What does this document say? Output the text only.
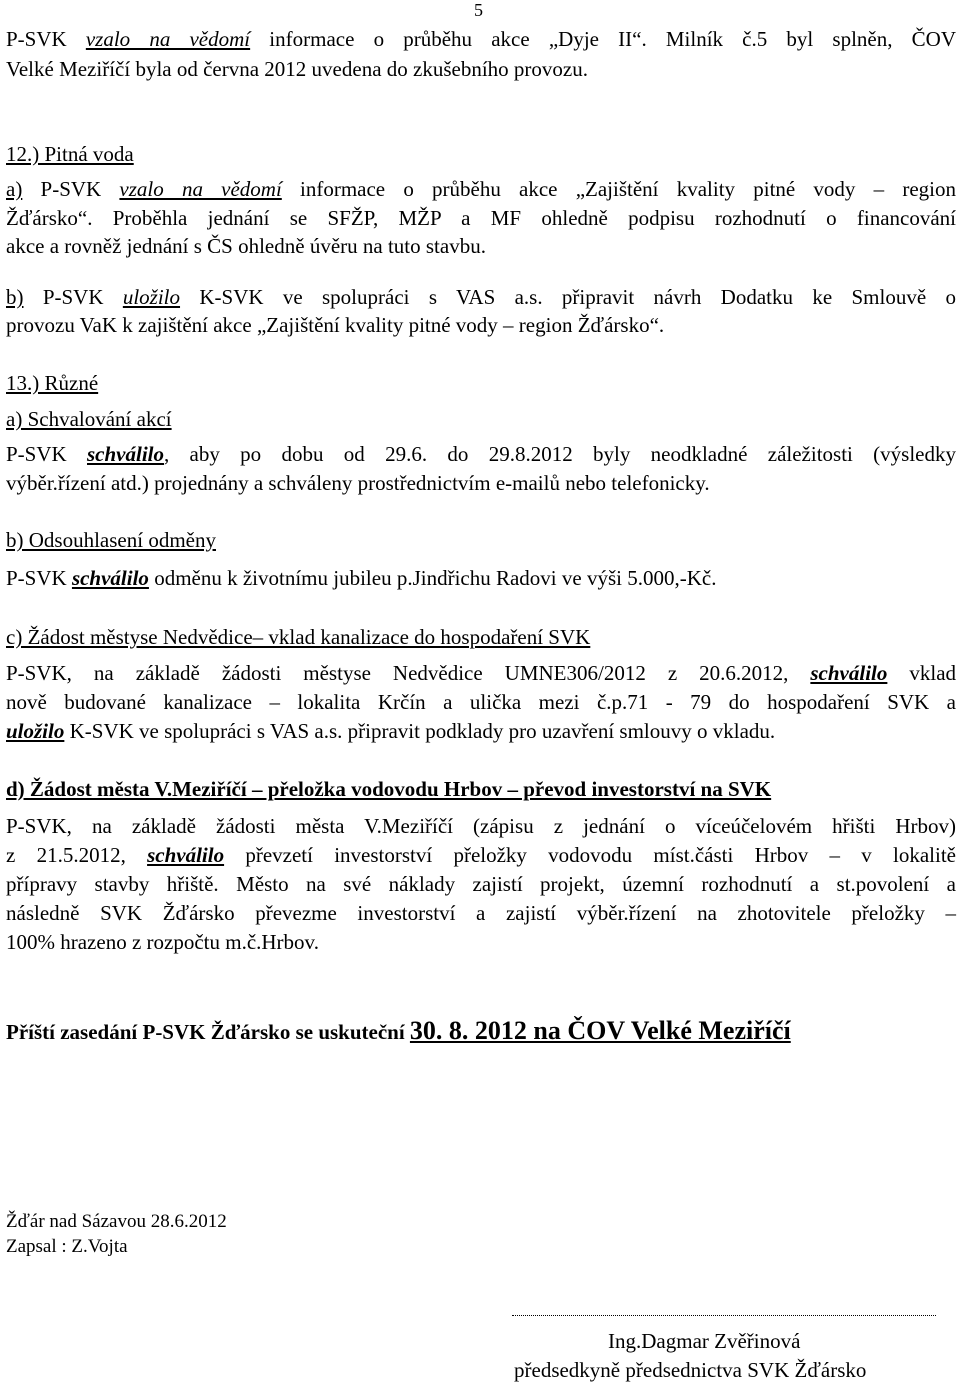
5
P-SVK vzalo na vědomí informace o průběhu akce „Dyje II“. Milník č.5 byl splněn, ČOV
Velké Meziříčí byla od června 2012 uvedena do zkušebního provozu.
12.) Pitná voda
a) P-SVK vzalo na vědomí informace o průběhu akce „Zajištění kvality pitné vody – region
Žďársko“. Proběhla jednání se SFŽP, MŽP a MF ohledně podpisu rozhodnutí o financování
akce a rovněž jednání s ČS ohledně úvěru na tuto stavbu.
b) P-SVK uložilo K-SVK ve spolupráci s VAS a.s. připravit návrh Dodatku ke Smlouvě o
provozu VaK k zajištění akce „Zajištění kvality pitné vody – region Žďársko“.
13.) Různé
a) Schvalování akcí
P-SVK schválilo, aby po dobu od 29.6. do 29.8.2012 byly neodkladné záležitosti (výsledky
výběr.řízení atd.) projednány a schváleny prostřednictvím e-mailů nebo telefonicky.
b) Odsouhlasení odměny
P-SVK schválilo odměnu k životnímu jubileu p.Jindřichu Radovi ve výši 5.000,-Kč.
c) Žádost městyse Nedvědice– vklad kanalizace do hospodaření SVK
P-SVK, na základě žádosti městyse Nedvědice UMNE306/2012 z 20.6.2012, schválilo vklad
nově budované kanalizace – lokalita Krčín a ulička mezi č.p.71 - 79 do hospodaření SVK a
uložilo K-SVK ve spolupráci s VAS a.s. připravit podklady pro uzavření smlouvy o vkladu.
d) Žádost města V.Meziříčí – přeložka vodovodu Hrbov – převod investorství na SVK
P-SVK, na základě žádosti města V.Meziříčí (zápisu z jednání o víceúčelovém hřišti Hrbov)
z 21.5.2012, schválilo převzetí investorství přeložky vodovodu míst.části Hrbov – v lokalitě
přípravy stavby hřiště. Město na své náklady zajistí projekt, územní rozhodnutí a st.povolení a
následně SVK Žďársko převezme investorství a zajistí výběr.řízení na zhotovitele přeložky –
100% hrazeno z rozpočtu m.č.Hrbov.
Příští zasedání P-SVK Žďársko se uskuteční 30. 8. 2012 na ČOV Velké Meziříčí
Žďár nad Sázavou 28.6.2012
Zapsal : Z.Vojta
Ing.Dagmar Zvěřinová
předsedkyně předsednictva SVK Žďársko
